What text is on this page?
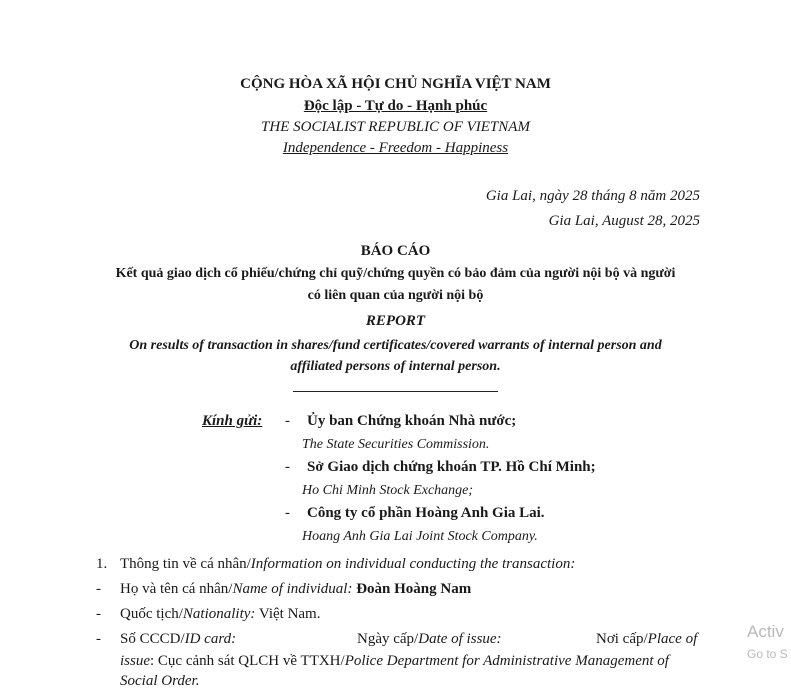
CỘNG HÒA XÃ HỘI CHỦ NGHĨA VIỆT NAM
Độc lập - Tự do - Hạnh phúc
THE SOCIALIST REPUBLIC OF VIETNAM
Independence - Freedom - Happiness
Gia Lai, ngày 28 tháng 8 năm 2025
Gia Lai, August 28, 2025
BÁO CÁO
Kết quả giao dịch cổ phiếu/chứng chỉ quỹ/chứng quyền có bảo đảm của người nội bộ và người
có liên quan của người nội bộ
REPORT
On results of transaction in shares/fund certificates/covered warrants of internal person and
affiliated persons of internal person.
Kính gửi: - Ủy ban Chứng khoán Nhà nước;
The State Securities Commission.
- Sở Giao dịch chứng khoán TP. Hồ Chí Minh;
Ho Chi Minh Stock Exchange;
- Công ty cổ phần Hoàng Anh Gia Lai.
Hoang Anh Gia Lai Joint Stock Company.
1. Thông tin về cá nhân/Information on individual conducting the transaction:
- Họ và tên cá nhân/Name of individual: Đoàn Hoàng Nam
- Quốc tịch/Nationality: Việt Nam.
- Số CCCD/ID card:	Ngày cấp/Date of issue:	Nơi cấp/Place of
issue: Cục cảnh sát QLCH về TTXH/Police Department for Administrative Management of
Social Order.
Activ
Go to S
